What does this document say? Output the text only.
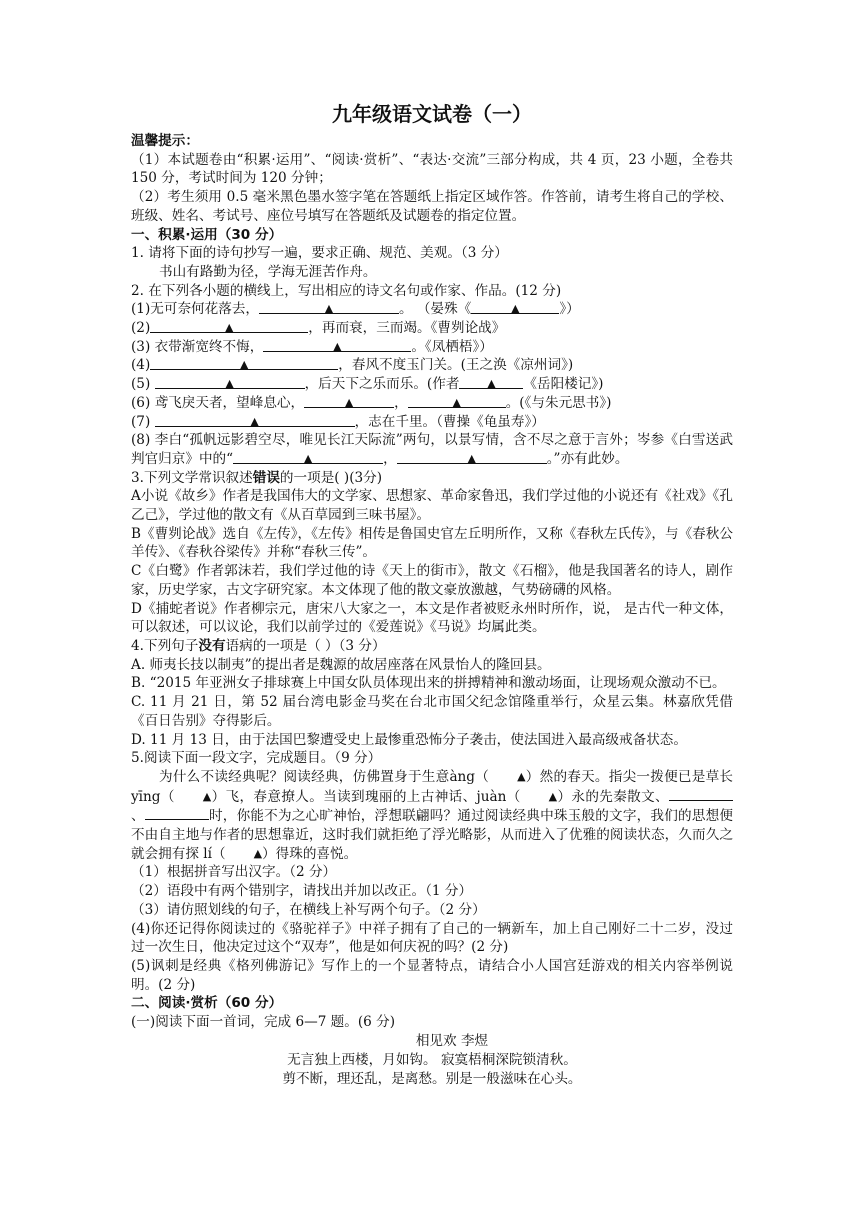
九年级语文试卷（一）
温馨提示：
（1）本试题卷由“积累·运用”、“阅读·赏析”、“表达·交流”三部分构成，共 4 页，23 小题，全卷共 150 分，考试时间为 120 分钟；
（2）考生须用 0.5 毫米黑色墨水签字笔在答题纸上指定区域作答。作答前，请考生将自己的学校、班级、姓名、考试号、座位号填写在答题纸及试题卷的指定位置。
一、积累·运用（30 分）
1. 请将下面的诗句抄写一遍，要求正确、规范、美观。（3 分）
书山有路勤为径，学海无涯苦作舟。
2. 在下列各小题的横线上，写出相应的诗文名句或作家、作品。(12 分)
(1)无可奈何花落去，	▲	。 （晏殊《	▲	》）
(2)	▲	，再而衰，三而竭。《曹刿论战》
(3) 衣带渐宽终不悔，	▲	。《凤栖梧》）
(4)	▲	，春风不度玉门关。(王之涣《凉州词》)
(5)	▲	，后天下之乐而乐。(作者	▲ 《岳阳楼记》)
(6) 鸢飞戾天者，望峰息心，	▲	，	▲	。(《与朱元思书》)
(7)	▲	，志在千里。（曹操《龟虽寿》）
(8) 李白“孤帆远影碧空尽，唯见长江天际流”两句，以景写情，含不尽之意于言外；岑参《白雪送武判官归京》中的“	▲	，	▲	。”亦有此妙。
3.下列文学常识叙述错误的一项是( )(3分)
A小说《故乡》作者是我国伟大的文学家、思想家、革命家鲁迅，我们学过他的小说还有《社戏》《孔乙己》，学过他的散文有《从百草园到三味书屋》。
B《曹刿论战》选自《左传》，《左传》相传是鲁国史官左丘明所作，又称《春秋左氏传》，与《春秋公羊传》、《春秋谷梁传》并称“春秋三传”。
C《白鹭》作者郭沫若，我们学过他的诗《天上的街市》，散文《石榴》，他是我国著名的诗人，剧作家，历史学家，古文字研究家。本文体现了他的散文豪放激越，气势磅礴的风格。
D《捕蛇者说》作者柳宗元，唐宋八大家之一，本文是作者被贬永州时所作，说， 是古代一种文体，可以叙述，可以议论，我们以前学过的《爱莲说》《马说》均属此类。
4.下列句子没有语病的一项是（ ）（3 分）
A. 师夷长技以制夷”的提出者是魏源的故居座落在风景怡人的隆回县。
B. “2015 年亚洲女子排球赛上中国女队员体现出来的拼搏精神和激动场面，让现场观众激动不已。
C. 11 月 21 日，第 52 届台湾电影金马奖在台北市国父纪念馆隆重举行，众星云集。林嘉欣凭借《百日告别》夺得影后。
D. 11 月 13 日，由于法国巴黎遭受史上最惨重恐怖分子袭击，使法国进入最高级戒备状态。
5.阅读下面一段文字，完成题目。（9 分）
为什么不读经典呢？阅读经典，仿佛置身于生意àng（	▲）然的春天。指尖一拨便已是草长 yīng（	▲）飞，春意撩人。当读到瑰丽的上古神话、juàn（	▲）永的先秦散文、、	时，你能不为之心旷神怡，浮想联翩吗？通过阅读经典中珠玉般的文字，我们的思想便不由自主地与作者的思想靠近，这时我们就拒绝了浮光略影，从而进入了优雅的阅读状态，久而久之就会拥有探 lí（	▲）得珠的喜悦。
（1）根据拼音写出汉字。（2 分）
（2）语段中有两个错别字，请找出并加以改正。（1 分）
（3）请仿照划线的句子，在横线上补写两个句子。（2 分）
(4)你还记得你阅读过的《骆驼祥子》中祥子拥有了自己的一辆新车，加上自己刚好二十二岁，没过过一次生日，他决定过这个“双寿”，他是如何庆祝的吗？(2 分)
(5)讽刺是经典《格列佛游记》写作上的一个显著特点，请结合小人国宫廷游戏的相关内容举例说明。(2 分)
二、阅读·赏析（60 分）
(一)阅读下面一首词，完成 6—7 题。(6 分)
相见欢 李煜
无言独上西楼，月如钩。 寂寞梧桐深院锁清秋。
剪不断，理还乱，是离愁。别是一般滋味在心头。
